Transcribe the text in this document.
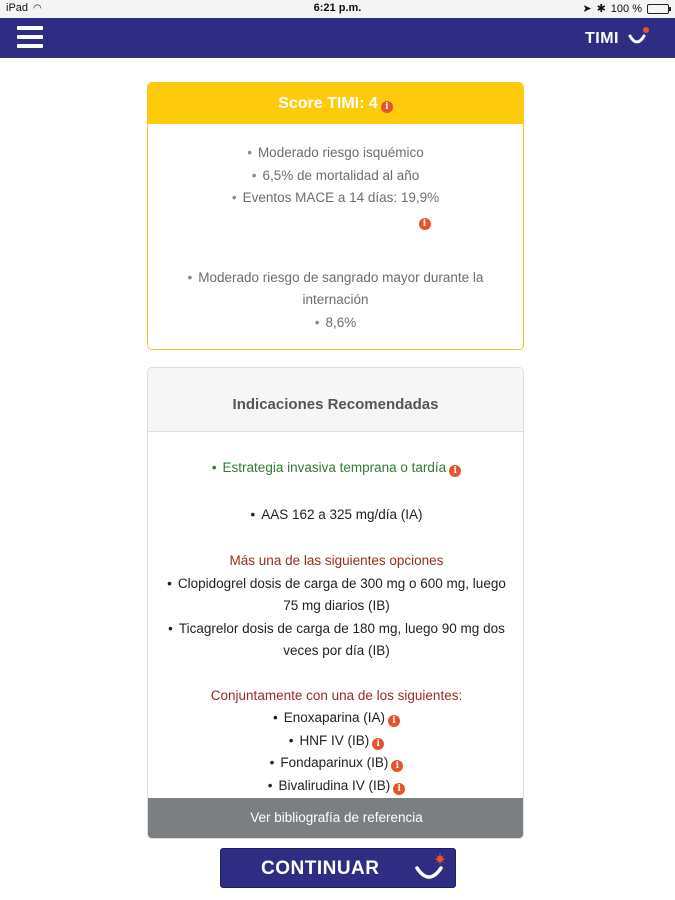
iPad ◠	6:21 p.m.	➤ ✱ 100 %
TIMI
Score TIMI: 4 i
• Moderado riesgo isquémico
• 6,5% de mortalidad al año
• Eventos MACE a 14 días: 19,9%
i
• Moderado riesgo de sangrado mayor durante la internación
• 8,6%
Indicaciones Recomendadas
• Estrategia invasiva temprana o tardía i
• AAS 162 a 325 mg/día (IA)
Más una de las siguientes opciones
• Clopidogrel dosis de carga de 300 mg o 600 mg, luego 75 mg diarios (IB)
• Ticagrelor dosis de carga de 180 mg, luego 90 mg dos veces por día (IB)
Conjuntamente con una de los siguientes:
• Enoxaparina (IA) i
• HNF IV (IB) i
• Fondaparinux (IB) i
• Bivalirudina IV (IB) i
Ver bibliografía de referencia
CONTINUAR
